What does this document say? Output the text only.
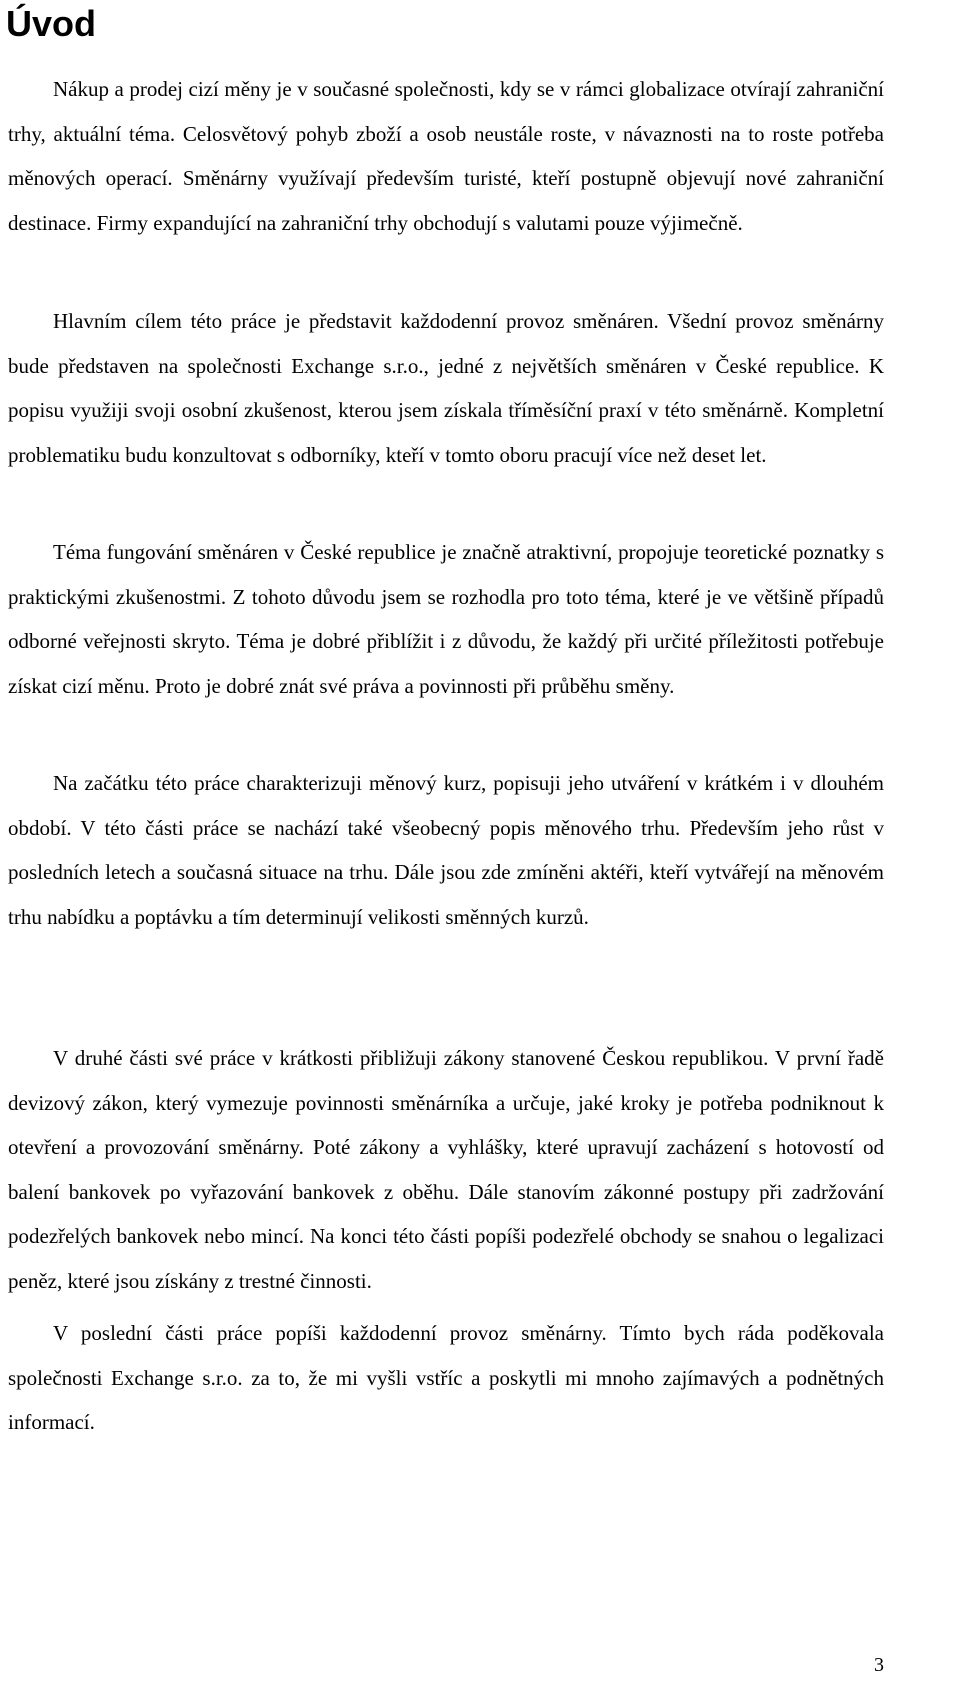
Úvod

Nákup a prodej cizí měny je v současné společnosti, kdy se v rámci globalizace otvírají zahraniční trhy, aktuální téma. Celosvětový pohyb zboží a osob neustále roste, v návaznosti na to roste potřeba měnových operací. Směnárny využívají především turisté, kteří postupně objevují nové zahraniční destinace. Firmy expandující na zahraniční trhy obchodují s valutami pouze výjimečně.

Hlavním cílem této práce je představit každodenní provoz směnáren. Všední provoz směnárny bude představen na společnosti Exchange s.r.o., jedné z největších směnáren v České republice. K popisu využiji svoji osobní zkušenost, kterou jsem získala tříměsíční praxí v této směnárně. Kompletní problematiku budu konzultovat s odborníky, kteří v tomto oboru pracují více než deset let.

Téma fungování směnáren v České republice je značně atraktivní, propojuje teoretické poznatky s praktickými zkušenostmi. Z tohoto důvodu jsem se rozhodla pro toto téma, které je ve většině případů odborné veřejnosti skryto. Téma je dobré přiblížit i z důvodu, že každý při určité příležitosti potřebuje získat cizí měnu. Proto je dobré znát své práva a povinnosti při průběhu směny.

Na začátku této práce charakterizuji měnový kurz, popisuji jeho utváření v krátkém i v dlouhém období. V této části práce se nachází také všeobecný popis měnového trhu. Především jeho růst v posledních letech a současná situace na trhu. Dále jsou zde zmíněni aktéři, kteří vytvářejí na měnovém trhu nabídku a poptávku a tím determinují velikosti směnných kurzů.

V druhé části své práce v krátkosti přibližuji zákony stanovené Českou republikou. V první řadě devizový zákon, který vymezuje povinnosti směnárníka a určuje, jaké kroky je potřeba podniknout k otevření a provozování směnárny. Poté zákony a vyhlášky, které upravují zacházení s hotovostí od balení bankovek po vyřazování bankovek z oběhu. Dále stanovím zákonné postupy při zadržování podezřelých bankovek nebo mincí. Na konci této části popíši podezřelé obchody se snahou o legalizaci peněz, které jsou získány z trestné činnosti.

V poslední části práce popíši každodenní provoz směnárny. Tímto bych ráda poděkovala společnosti Exchange s.r.o. za to, že mi vyšli vstříc a poskytli mi mnoho zajímavých a podnětných informací.

3
